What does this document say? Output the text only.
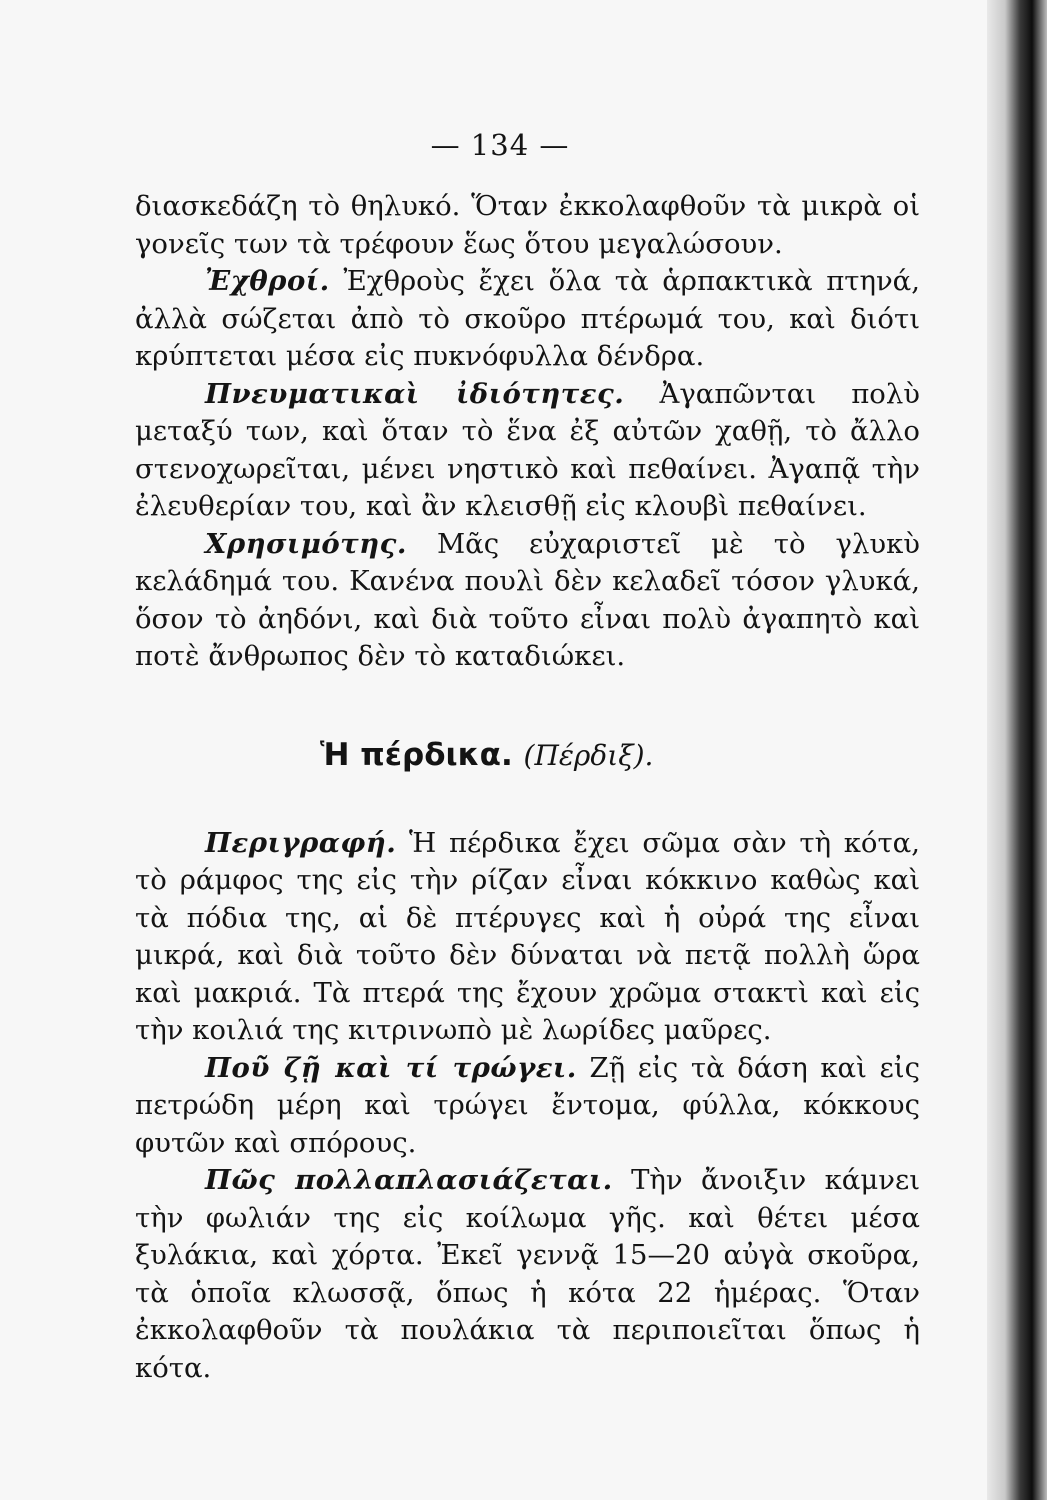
— 134 —

διασκεδάζη τὸ θηλυκό. Ὅταν ἐκκολαφθοῦν τὰ μικρὰ οἱ γονεῖς των τὰ τρέφουν ἕως ὅτου μεγαλώσουν.

Ἐχθροί. Ἐχθροὺς ἔχει ὅλα τὰ ἁρπακτικὰ πτηνά, ἀλλὰ σώζεται ἀπὸ τὸ σκοῦρο πτέρωμά του, καὶ διότι κρύπτεται μέσα εἰς πυκνόφυλλα δένδρα.

Πνευματικαὶ ἰδιότητες. Ἀγαπῶνται πολὺ μεταξύ των, καὶ ὅταν τὸ ἕνα ἐξ αὐτῶν χαθῇ, τὸ ἄλλο στενοχωρεῖται, μένει νηστικὸ καὶ πεθαίνει. Ἀγαπᾷ τὴν ἐλευθερίαν του, καὶ ἂν κλεισθῇ εἰς κλουβὶ πεθαίνει.

Χρησιμότης. Μᾶς εὐχαριστεῖ μὲ τὸ γλυκὺ κελάδημά του. Κανένα πουλὶ δὲν κελαδεῖ τόσον γλυκά, ὅσον τὸ ἀηδόνι, καὶ διὰ τοῦτο εἶναι πολὺ ἀγαπητὸ καὶ ποτὲ ἄνθρωπος δὲν τὸ καταδιώκει.

Ἡ πέρδικα. (Πέρδιξ).

Περιγραφή. Ἡ πέρδικα ἔχει σῶμα σὰν τὴ κότα, τὸ ράμφος της εἰς τὴν ρίζαν εἶναι κόκκινο καθὼς καὶ τὰ πόδια της, αἱ δὲ πτέρυγες καὶ ἡ οὐρά της εἶναι μικρά, καὶ διὰ τοῦτο δὲν δύναται νὰ πετᾷ πολλὴ ὥρα καὶ μακριά. Τὰ πτερά της ἔχουν χρῶμα στακτὶ καὶ εἰς τὴν κοιλιά της κιτρινωπὸ μὲ λωρίδες μαῦρες.

Ποῦ ζῇ καὶ τί τρώγει. Ζῇ εἰς τὰ δάση καὶ εἰς πετρώδη μέρη καὶ τρώγει ἔντομα, φύλλα, κόκκους φυτῶν καὶ σπόρους.

Πῶς πολλαπλασιάζεται. Τὴν ἄνοιξιν κάμνει τὴν φωλιάν της εἰς κοίλωμα γῆς. καὶ θέτει μέσα ξυλάκια, καὶ χόρτα. Ἐκεῖ γεννᾷ 15—20 αὐγὰ σκοῦρα, τὰ ὁποῖα κλωσσᾷ, ὅπως ἡ κότα 22 ἡμέρας. Ὅταν ἐκκολαφθοῦν τὰ πουλάκια τὰ περιποιεῖται ὅπως ἡ κότα.
